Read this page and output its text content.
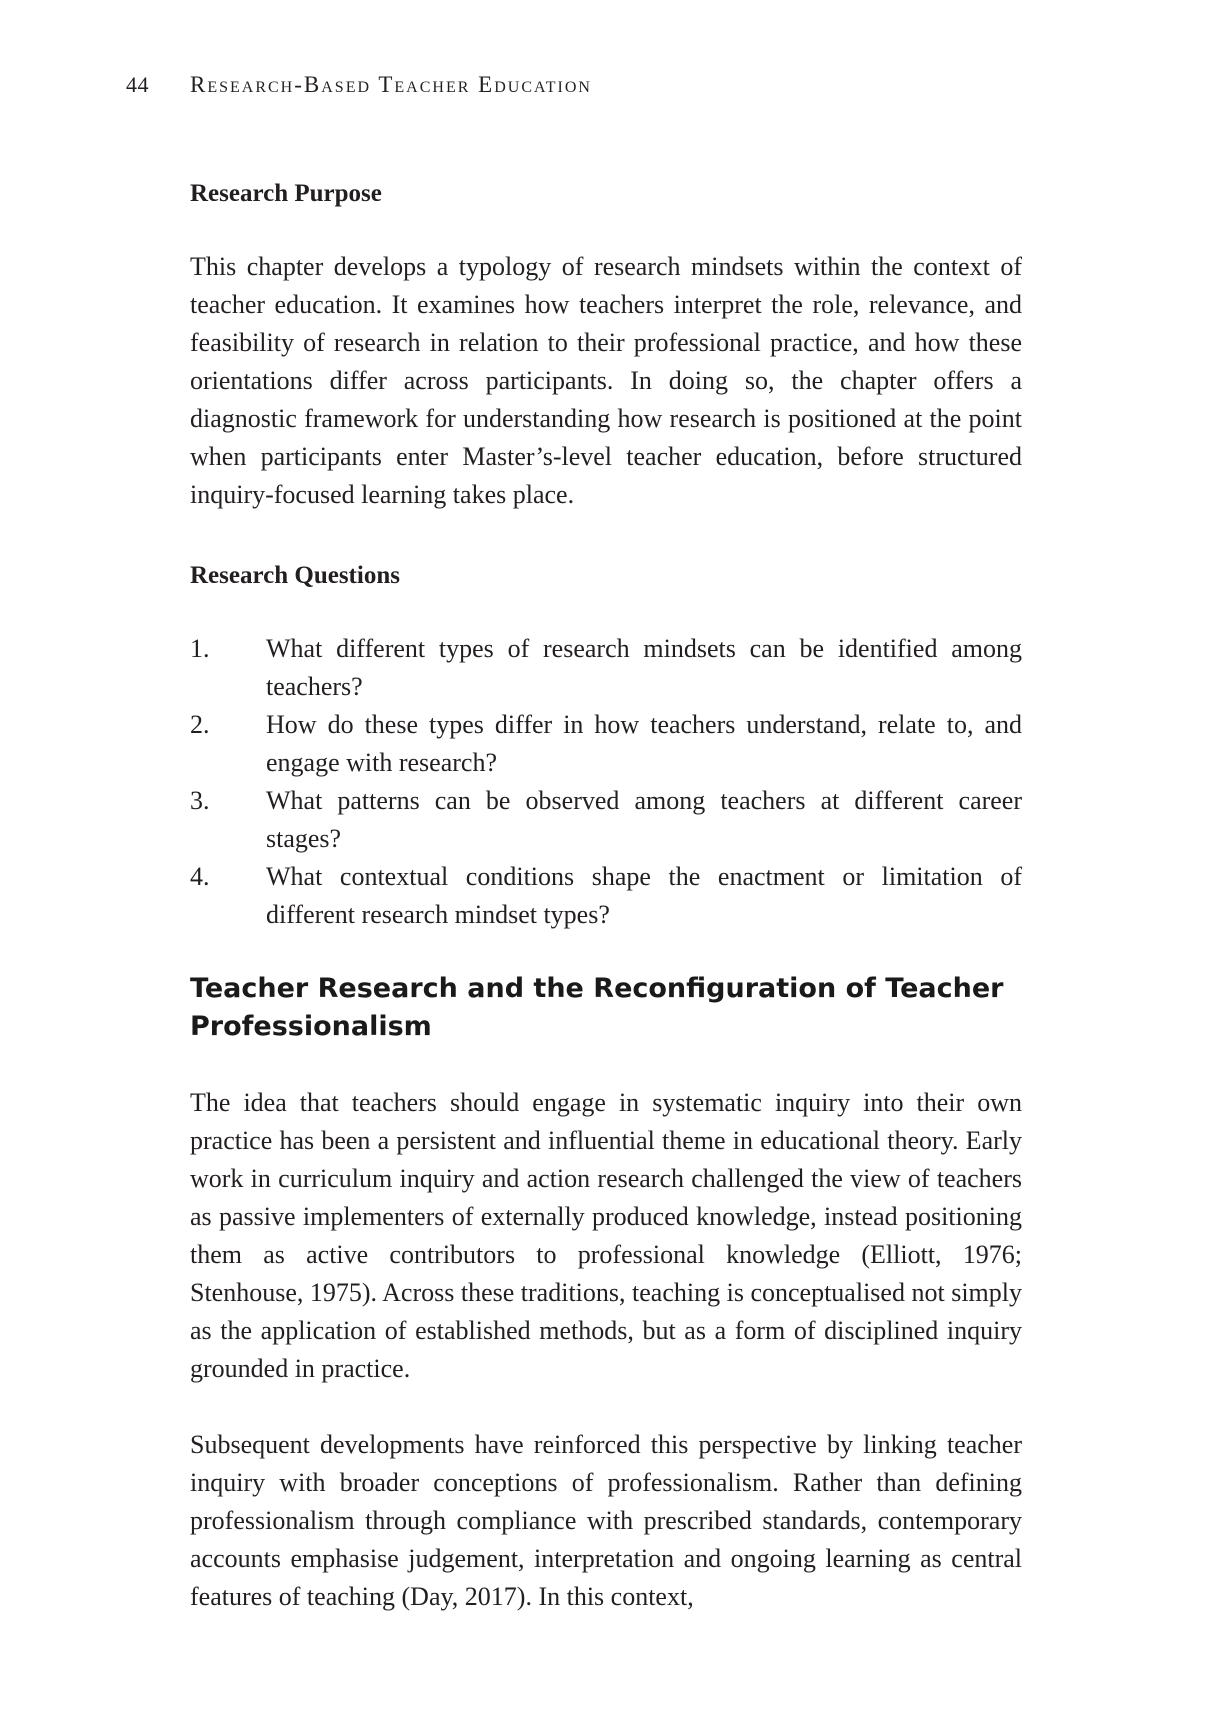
44 Research-Based Teacher Education
Research Purpose

This chapter develops a typology of research mindsets within the context of teacher education. It examines how teachers interpret the role, relevance, and feasibility of research in relation to their professional practice, and how these orientations differ across participants. In doing so, the chapter offers a diagnostic framework for understanding how research is positioned at the point when participants enter Master’s-level teacher education, before structured inquiry-focused learning takes place.

Research Questions
1. What different types of research mindsets can be identified among teachers?
2. How do these types differ in how teachers understand, relate to, and engage with research?
3. What patterns can be observed among teachers at different career stages?
4. What contextual conditions shape the enactment or limitation of different research mindset types?
Teacher Research and the Reconfiguration of Teacher Professionalism

The idea that teachers should engage in systematic inquiry into their own practice has been a persistent and influential theme in educational theory. Early work in curriculum inquiry and action research challenged the view of teachers as passive implementers of externally produced knowledge, instead positioning them as active contributors to professional knowledge (Elliott, 1976; Stenhouse, 1975). Across these traditions, teaching is conceptualised not simply as the application of established methods, but as a form of disciplined inquiry grounded in practice.

Subsequent developments have reinforced this perspective by linking teacher inquiry with broader conceptions of professionalism. Rather than defining professionalism through compliance with prescribed standards, contemporary accounts emphasise judgement, interpretation and ongoing learning as central features of teaching (Day, 2017). In this context,
